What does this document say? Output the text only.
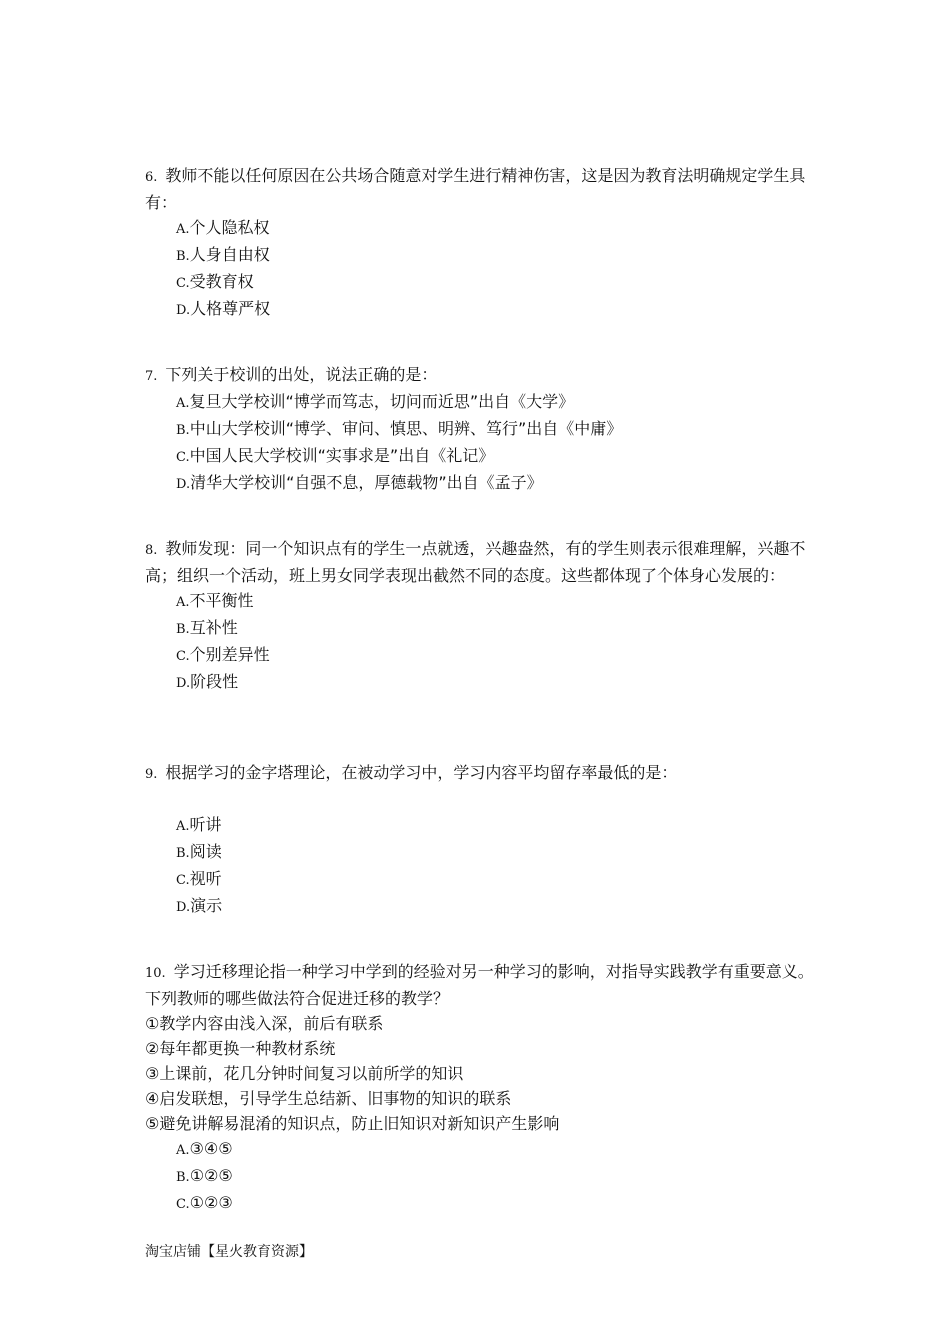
6. 教师不能以任何原因在公共场合随意对学生进行精神伤害，这是因为教育法明确规定学生具有：

A.个人隐私权
B.人身自由权
C.受教育权
D.人格尊严权

7. 下列关于校训的出处，说法正确的是：

A.复旦大学校训“博学而笃志，切问而近思”出自《大学》
B.中山大学校训“博学、审问、慎思、明辨、笃行”出自《中庸》
C.中国人民大学校训“实事求是”出自《礼记》
D.清华大学校训“自强不息，厚德载物”出自《孟子》

8. 教师发现：同一个知识点有的学生一点就透，兴趣盎然，有的学生则表示很难理解，兴趣不高；组织一个活动，班上男女同学表现出截然不同的态度。这些都体现了个体身心发展的：

A.不平衡性
B.互补性
C.个别差异性
D.阶段性

9. 根据学习的金字塔理论，在被动学习中，学习内容平均留存率最低的是：

A.听讲
B.阅读
C.视听
D.演示

10. 学习迁移理论指一种学习中学到的经验对另一种学习的影响，对指导实践教学有重要意义。下列教师的哪些做法符合促进迁移的教学？

①教学内容由浅入深，前后有联系
②每年都更换一种教材系统
③上课前，花几分钟时间复习以前所学的知识
④启发联想，引导学生总结新、旧事物的知识的联系
⑤避免讲解易混淆的知识点，防止旧知识对新知识产生影响
A.③④⑤
B.①②⑤
C.①②③
淘宝店铺【星火教育资源】
